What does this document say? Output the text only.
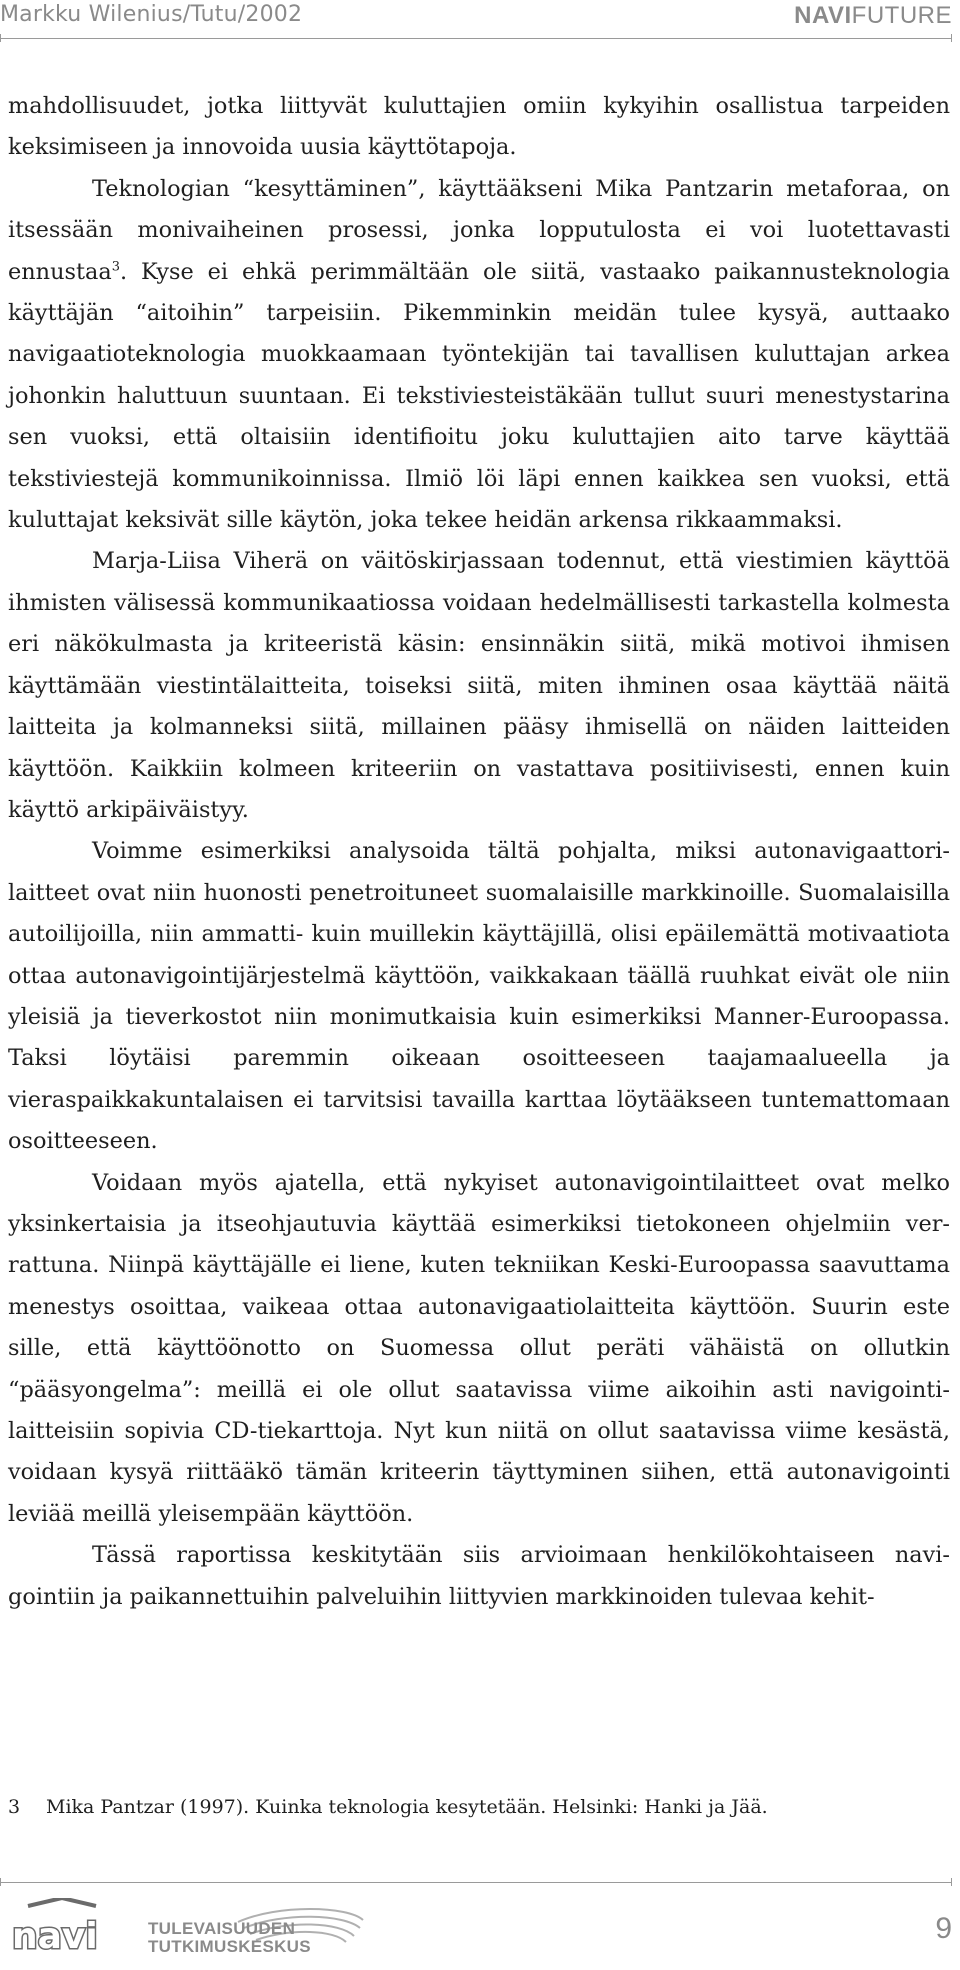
Markku Wilenius/Tutu/2002	NAVIFUTURE

mahdollisuudet, jotka liittyvät kuluttajien omiin kykyihin osallistua tarpeiden keksimiseen ja innovoida uusia käyttötapoja.

Teknologian “kesyttäminen”, käyttääkseni Mika Pantzarin metaforaa, on itsessään monivaiheinen prosessi, jonka lopputulosta ei voi luotettavasti ennustaa$^3$. Kyse ei ehkä perimmältään ole siitä, vastaako paikannusteknologia käyttäjän “aitoihin” tarpeisiin. Pikemminkin meidän tulee kysyä, auttaako navigaatioteknologia muokkaamaan työntekijän tai tavallisen kuluttajan arkea johonkin haluttuun suuntaan. Ei tekstiviesteistäkään tullut suuri menestystarina sen vuoksi, että oltaisiin identifioitu joku kuluttajien aito tarve käyttää tekstiviestejä kommunikoinnissa. Ilmiö löi läpi ennen kaikkea sen vuoksi, että kuluttajat keksivät sille käytön, joka tekee heidän arkensa rikkaammaksi.

Marja-Liisa Viherä on väitöskirjassaan todennut, että viestimien käyttöä ihmisten välisessä kommunikaatiossa voidaan hedelmällisesti tarkastella kolmesta eri näkökulmasta ja kriteeristä käsin: ensinnäkin siitä, mikä motivoi ihmisen käyttämään viestintälaitteita, toiseksi siitä, miten ihminen osaa käyttää näitä laitteita ja kolmanneksi siitä, millainen pääsy ihmisellä on näiden laitteiden käyttöön. Kaikkiin kolmeen kriteeriin on vastattava positiivisesti, ennen kuin käyttö arkipäiväistyy.

Voimme esimerkiksi analysoida tältä pohjalta, miksi autonavigaattorilaitteet ovat niin huonosti penetroituneet suomalaisille markkinoille. Suomalaisilla autoilijoilla, niin ammatti- kuin muillekin käyttäjillä, olisi epäilemättä motivaatiota ottaa autonavigointijärjestelmä käyttöön, vaikkakaan täällä ruuhkat eivät ole niin yleisiä ja tieverkostot niin monimutkaisia kuin esimerkiksi Manner-Euroopassa. Taksi löytäisi paremmin oikeaan osoitteeseen taajamaalueella ja vieraspaikkakuntalaisen ei tarvitsisi tavailla karttaa löytääkseen tuntemattomaan osoitteeseen.

Voidaan myös ajatella, että nykyiset autonavigointilaitteet ovat melko yksinkertaisia ja itseohjautuvia käyttää esimerkiksi tietokoneen ohjelmiin verrattuna. Niinpä käyttäjälle ei liene, kuten tekniikan Keski-Euroopassa saavuttama menestys osoittaa, vaikeaa ottaa autonavigaatiolaitteita käyttöön. Suurin este sille, että käyttöönotto on Suomessa ollut peräti vähäistä on ollutkin “pääsyongelma”: meillä ei ole ollut saatavissa viime aikoihin asti navigointilaitteisiin sopivia CD-tiekarttoja. Nyt kun niitä on ollut saatavissa viime kesästä, voidaan kysyä riittääkö tämän kriteerin täyttyminen siihen, että autonavigointi leviää meillä yleisempään käyttöön.

Tässä raportissa keskitytään siis arvioimaan henkilökohtaiseen navigointiin ja paikannettuihin palveluihin liittyvien markkinoiden tulevaa kehit-

3 Mika Pantzar (1997). Kuinka teknologia kesytetään. Helsinki: Hanki ja Jää.
navi	TULEVAISUUDEN
TUTKIMUSKESKUS
9
